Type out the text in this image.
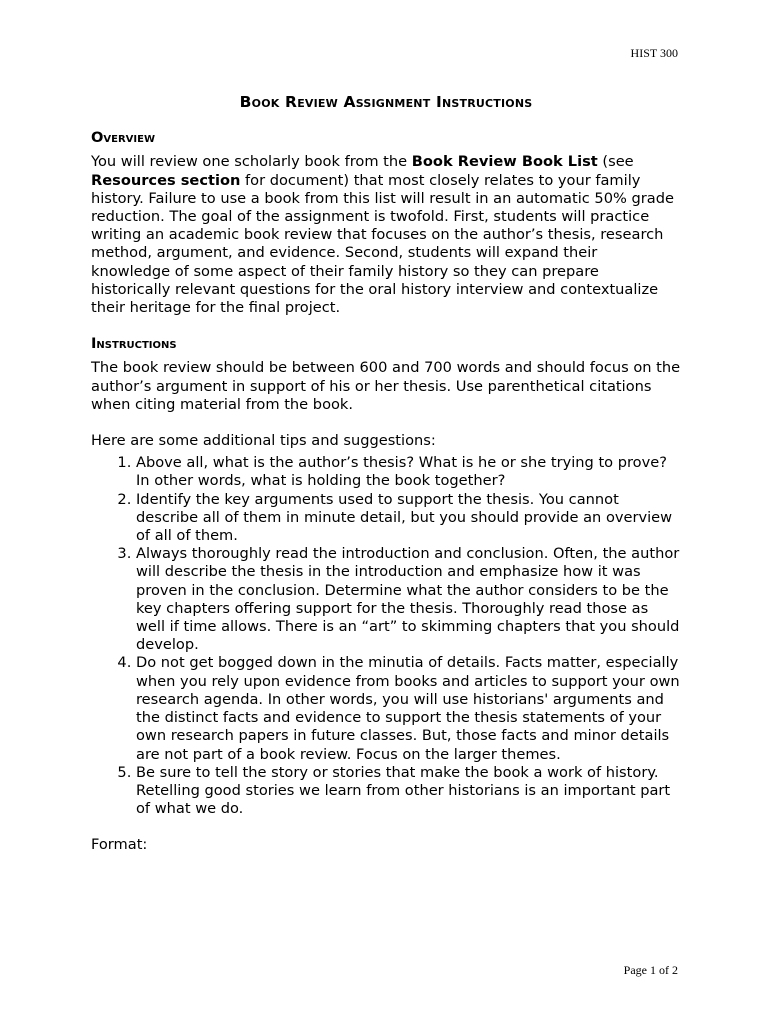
HIST 300
Book Review Assignment Instructions
Overview

You will review one scholarly book from the Book Review Book List (see Resources section for document) that most closely relates to your family history. Failure to use a book from this list will result in an automatic 50% grade reduction. The goal of the assignment is twofold. First, students will practice writing an academic book review that focuses on the author’s thesis, research method, argument, and evidence. Second, students will expand their knowledge of some aspect of their family history so they can prepare historically relevant questions for the oral history interview and contextualize their heritage for the final project.

Instructions

The book review should be between 600 and 700 words and should focus on the author’s argument in support of his or her thesis. Use parenthetical citations when citing material from the book.

Here are some additional tips and suggestions:

1. Above all, what is the author’s thesis? What is he or she trying to prove? In other words, what is holding the book together?
2. Identify the key arguments used to support the thesis. You cannot describe all of them in minute detail, but you should provide an overview of all of them.
3. Always thoroughly read the introduction and conclusion. Often, the author will describe the thesis in the introduction and emphasize how it was proven in the conclusion. Determine what the author considers to be the key chapters offering support for the thesis. Thoroughly read those as well if time allows. There is an “art” to skimming chapters that you should develop.
4. Do not get bogged down in the minutia of details. Facts matter, especially when you rely upon evidence from books and articles to support your own research agenda. In other words, you will use historians' arguments and the distinct facts and evidence to support the thesis statements of your own research papers in future classes. But, those facts and minor details are not part of a book review. Focus on the larger themes.
5. Be sure to tell the story or stories that make the book a work of history. Retelling good stories we learn from other historians is an important part of what we do.

Format:

Page 1 of 2
